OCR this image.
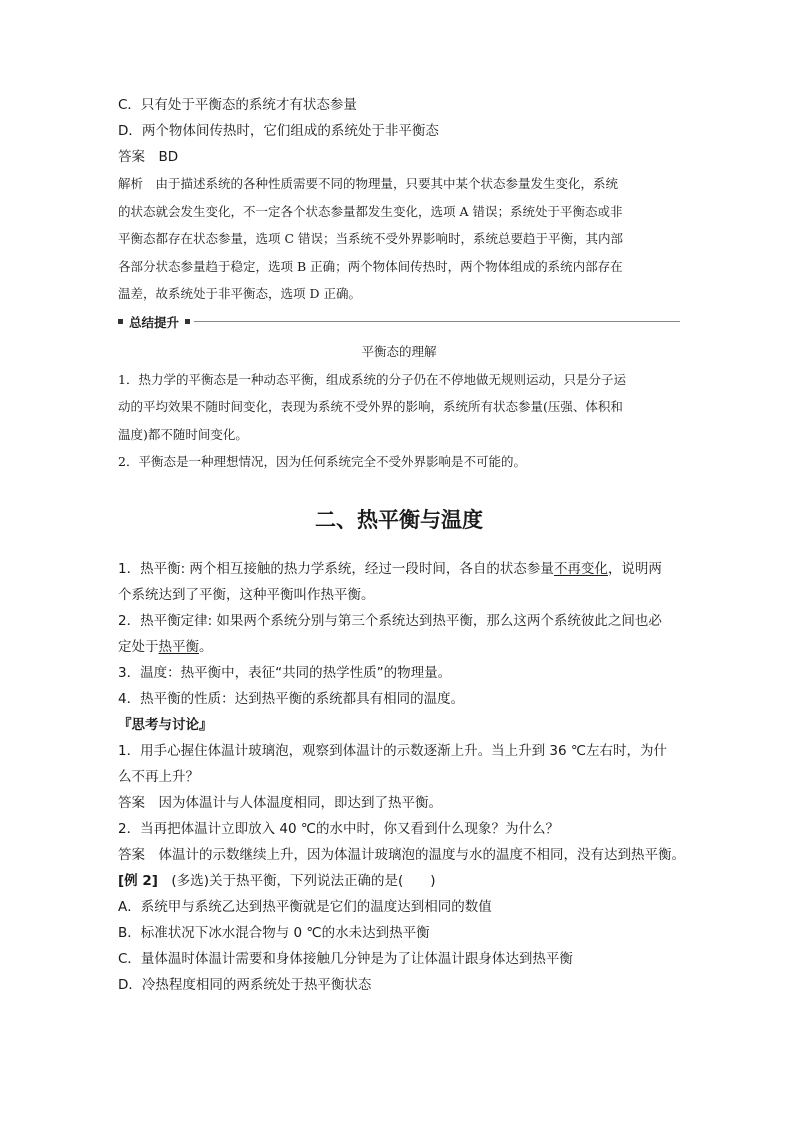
C．只有处于平衡态的系统才有状态参量
D．两个物体间传热时，它们组成的系统处于非平衡态
答案　BD
解析　由于描述系统的各种性质需要不同的物理量，只要其中某个状态参量发生变化，系统
的状态就会发生变化，不一定各个状态参量都发生变化，选项 A 错误；系统处于平衡态或非
平衡态都存在状态参量，选项 C 错误；当系统不受外界影响时，系统总要趋于平衡，其内部
各部分状态参量趋于稳定，选项 B 正确；两个物体间传热时，两个物体组成的系统内部存在
温差，故系统处于非平衡态，选项 D 正确。
总结提升
平衡态的理解
1．热力学的平衡态是一种动态平衡，组成系统的分子仍在不停地做无规则运动，只是分子运
动的平均效果不随时间变化，表现为系统不受外界的影响，系统所有状态参量(压强、体积和
温度)都不随时间变化。
2．平衡态是一种理想情况，因为任何系统完全不受外界影响是不可能的。
二、热平衡与温度
1．热平衡: 两个相互接触的热力学系统，经过一段时间，各自的状态参量不再变化，说明两
个系统达到了平衡，这种平衡叫作热平衡。
2．热平衡定律: 如果两个系统分别与第三个系统达到热平衡，那么这两个系统彼此之间也必
定处于热平衡。
3．温度：热平衡中，表征“共同的热学性质”的物理量。
4．热平衡的性质：达到热平衡的系统都具有相同的温度。
『思考与讨论』
1．用手心握住体温计玻璃泡，观察到体温计的示数逐渐上升。当上升到 36 ℃左右时，为什
么不再上升？
答案　因为体温计与人体温度相同，即达到了热平衡。
2．当再把体温计立即放入 40 ℃的水中时，你又看到什么现象？为什么？
答案　体温计的示数继续上升，因为体温计玻璃泡的温度与水的温度不相同，没有达到热平衡。
[例 2]　(多选)关于热平衡，下列说法正确的是(　　)
A．系统甲与系统乙达到热平衡就是它们的温度达到相同的数值
B．标准状况下冰水混合物与 0 ℃的水未达到热平衡
C．量体温时体温计需要和身体接触几分钟是为了让体温计跟身体达到热平衡
D．冷热程度相同的两系统处于热平衡状态
